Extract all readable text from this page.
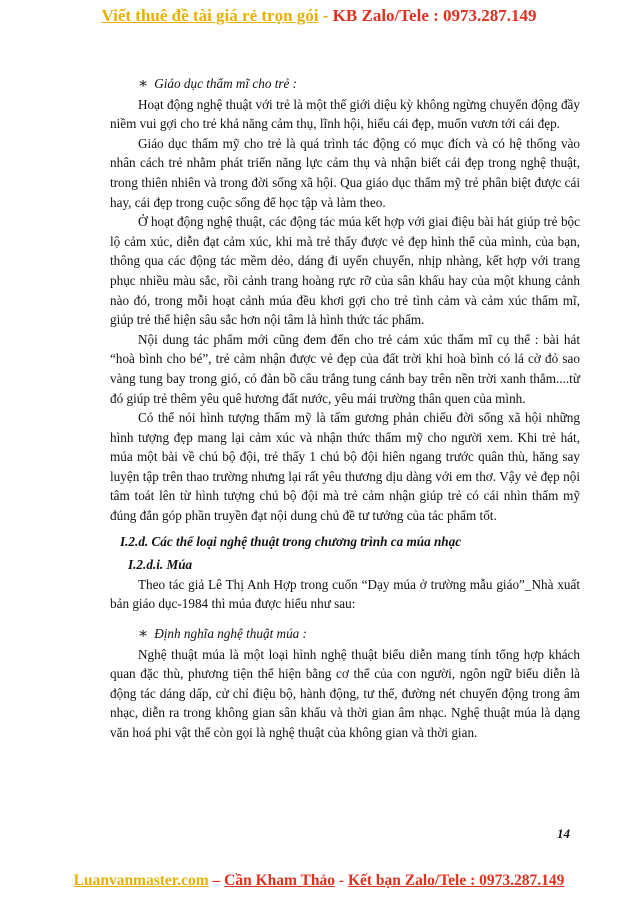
Viết thuê đề tài giá rẻ trọn gói - KB Zalo/Tele : 0973.287.149

∗ Giáo dục thẩm mĩ cho trẻ :

Hoạt động nghệ thuật với trẻ là một thế giới diệu kỳ không ngừng chuyển động đầy niềm vui gợi cho trẻ khả năng cảm thụ, lĩnh hội, hiểu cái đẹp, muốn vươn tới cái đẹp.

Giáo dục thẩm mỹ cho trẻ là quá trình tác động có mục đích và có hệ thống vào nhân cách trẻ nhằm phát triển năng lực cảm thụ và nhận biết cái đẹp trong nghệ thuật, trong thiên nhiên và trong đời sống xã hội. Qua giáo dục thẩm mỹ trẻ phân biệt được cái hay, cái đẹp trong cuộc sống để học tập và làm theo.

Ở hoạt động nghệ thuật, các động tác múa kết hợp với giai điệu bài hát giúp trẻ bộc lộ cảm xúc, diễn đạt cảm xúc, khi mà trẻ thấy được vẻ đẹp hình thể của mình, của bạn, thông qua các động tác mềm dẻo, dáng đi uyển chuyển, nhịp nhàng, kết hợp với trang phục nhiều màu sắc, rồi cảnh trang hoàng rực rỡ của sân khấu hay của một khung cảnh nào đó, trong mỗi hoạt cảnh múa đều khơi gợi cho trẻ tình cảm và cảm xúc thẩm mĩ, giúp trẻ thể hiện sâu sắc hơn nội tâm là hình thức tác phẩm.

Nội dung tác phẩm mới cũng đem đến cho trẻ cảm xúc thẩm mĩ cụ thể : bài hát “hoà bình cho bé”, trẻ cảm nhận được vẻ đẹp của đất trời khi hoà bình có lá cờ đỏ sao vàng tung bay trong gió, có đàn bồ câu trắng tung cánh bay trên nền trời xanh thẳm....từ đó giúp trẻ thêm yêu quê hương đất nước, yêu mái trường thân quen của mình.

Có thể nói hình tượng thẩm mỹ là tấm gương phản chiếu đời sống xã hội những hình tượng đẹp mang lại cảm xúc và nhận thức thẩm mỹ cho người xem. Khi trẻ hát, múa một bài về chú bộ đội, trẻ thấy 1 chú bộ đội hiên ngang trước quân thù, hăng say luyện tập trên thao trường nhưng lại rất yêu thương dịu dàng với em thơ. Vậy vẻ đẹp nội tâm toát lên từ hình tượng chú bộ đội mà trẻ cảm nhận giúp trẻ có cái nhìn thẩm mỹ đúng đắn góp phần truyền đạt nội dung chủ đề tư tưởng của tác phẩm tốt.

I.2.d. Các thể loại nghệ thuật trong chương trình ca múa nhạc

I.2.d.i. Múa

Theo tác giả Lê Thị Anh Hợp trong cuốn “Dạy múa ở trường mẫu giáo”_Nhà xuất bản giáo dục-1984 thì múa được hiểu như sau:

∗ Định nghĩa nghệ thuật múa :

Nghệ thuật múa là một loại hình nghệ thuật biểu diễn mang tính tổng hợp khách quan đặc thù, phương tiện thể hiện bằng cơ thể của con người, ngôn ngữ biểu diễn là động tác dáng dấp, cử chỉ điệu bộ, hành động, tư thế, đường nét chuyển động trong âm nhạc, diễn ra trong không gian sân khấu và thời gian âm nhạc. Nghệ thuật múa là dạng văn hoá phi vật thể còn gọi là nghệ thuật của không gian và thời gian.

14
Luanvanmaster.com – Cần Kham Thảo - Kết bạn Zalo/Tele : 0973.287.149
